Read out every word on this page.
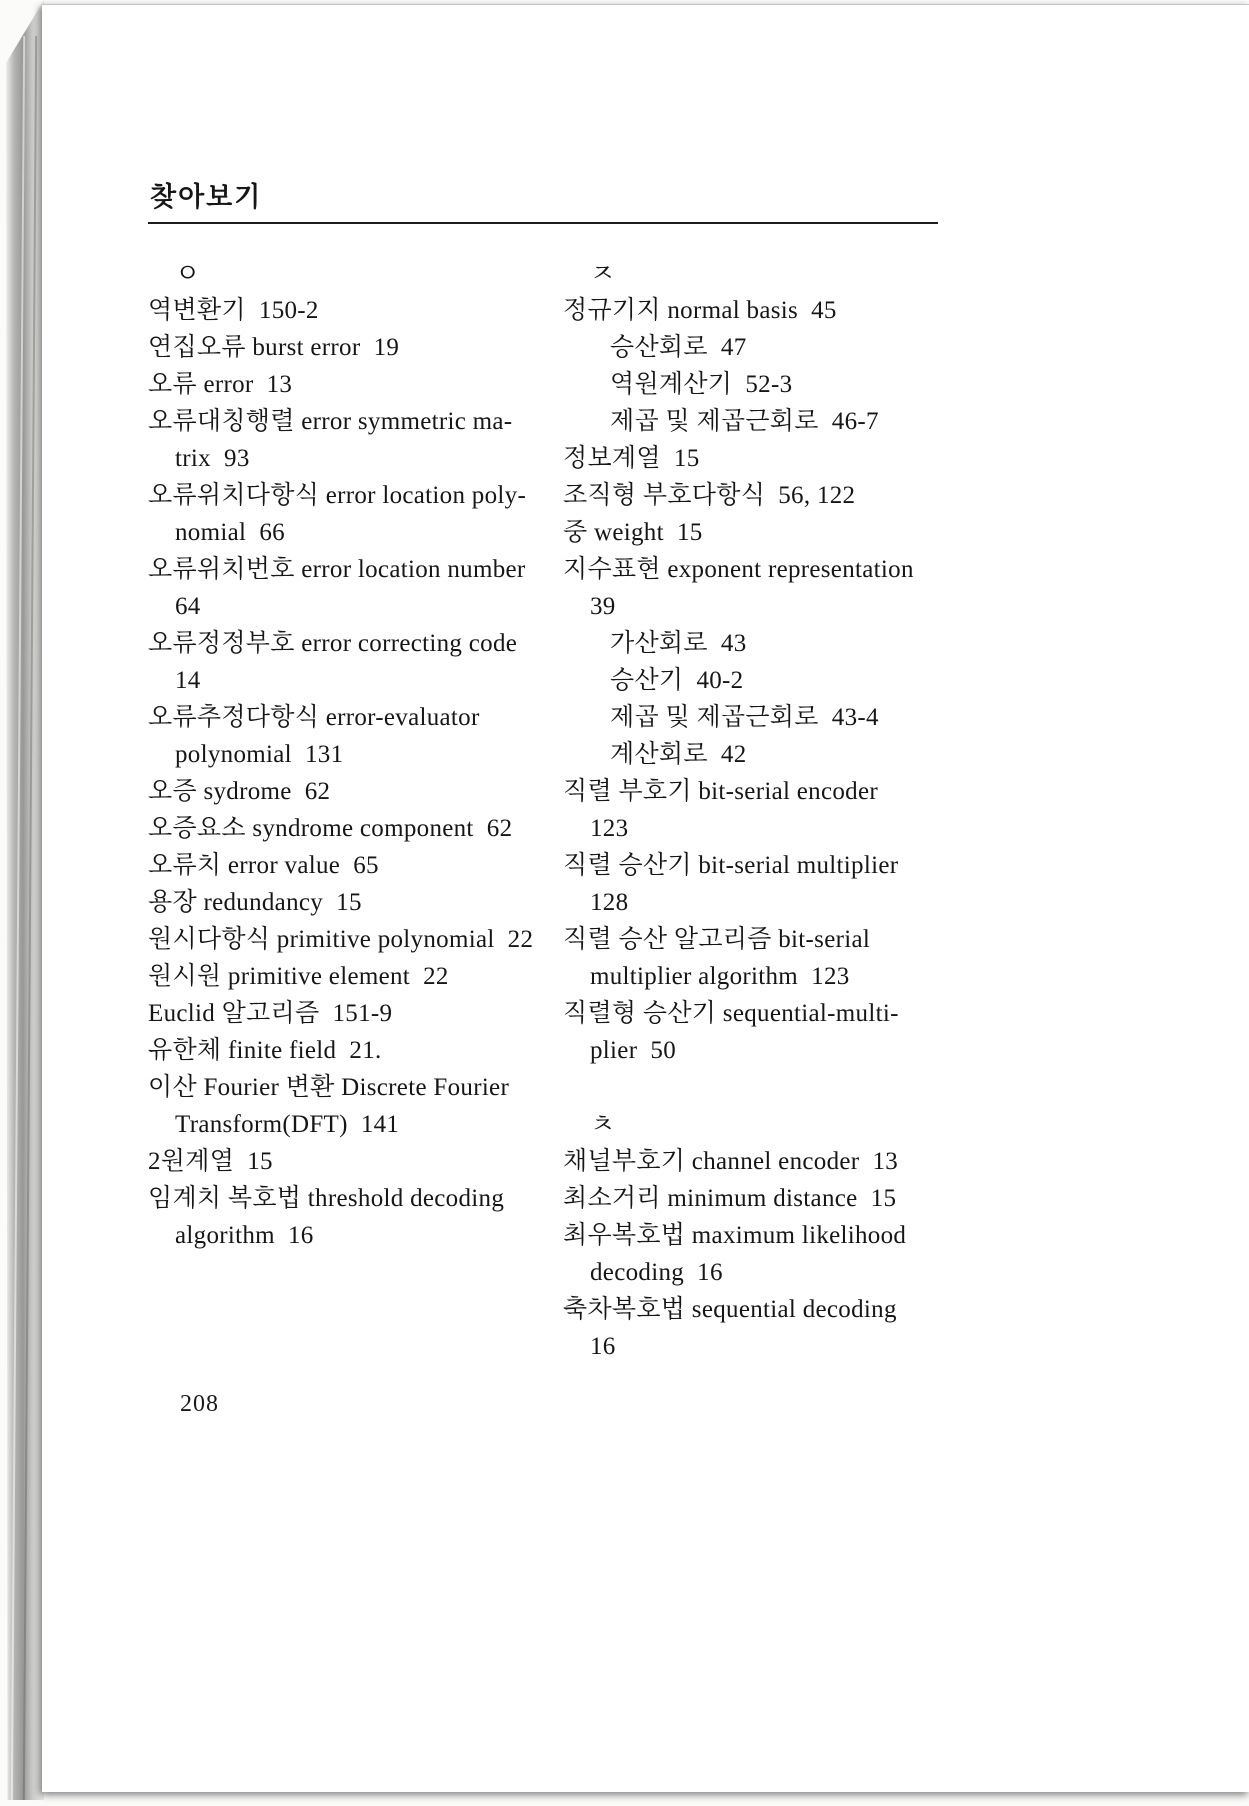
찾아보기
ㅇ
역변환기  150-2
연집오류 burst error  19
오류 error  13
오류대칭행렬 error symmetric ma-
trix  93
오류위치다항식 error location poly-
nomial  66
오류위치번호 error location number
64
오류정정부호 error correcting code
14
오류추정다항식 error-evaluator
polynomial  131
오증 sydrome  62
오증요소 syndrome component  62
오류치 error value  65
용장 redundancy  15
원시다항식 primitive polynomial  22
원시원 primitive element  22
Euclid 알고리즘  151-9
유한체 finite field  21.
이산 Fourier 변환 Discrete Fourier
Transform(DFT)  141
2원계열  15
임계치 복호법 threshold decoding
algorithm  16
ㅈ
정규기지 normal basis  45
승산회로  47
역원계산기  52-3
제곱 및 제곱근회로  46-7
정보계열  15
조직형 부호다항식  56, 122
중 weight  15
지수표현 exponent representation
39
가산회로  43
승산기  40-2
제곱 및 제곱근회로  43-4
계산회로  42
직렬 부호기 bit-serial encoder
123
직렬 승산기 bit-serial multiplier
128
직렬 승산 알고리즘 bit-serial
multiplier algorithm  123
직렬형 승산기 sequential-multi-
plier  50
ㅊ
채널부호기 channel encoder  13
최소거리 minimum distance  15
최우복호법 maximum likelihood
decoding  16
축차복호법 sequential decoding
16
208
